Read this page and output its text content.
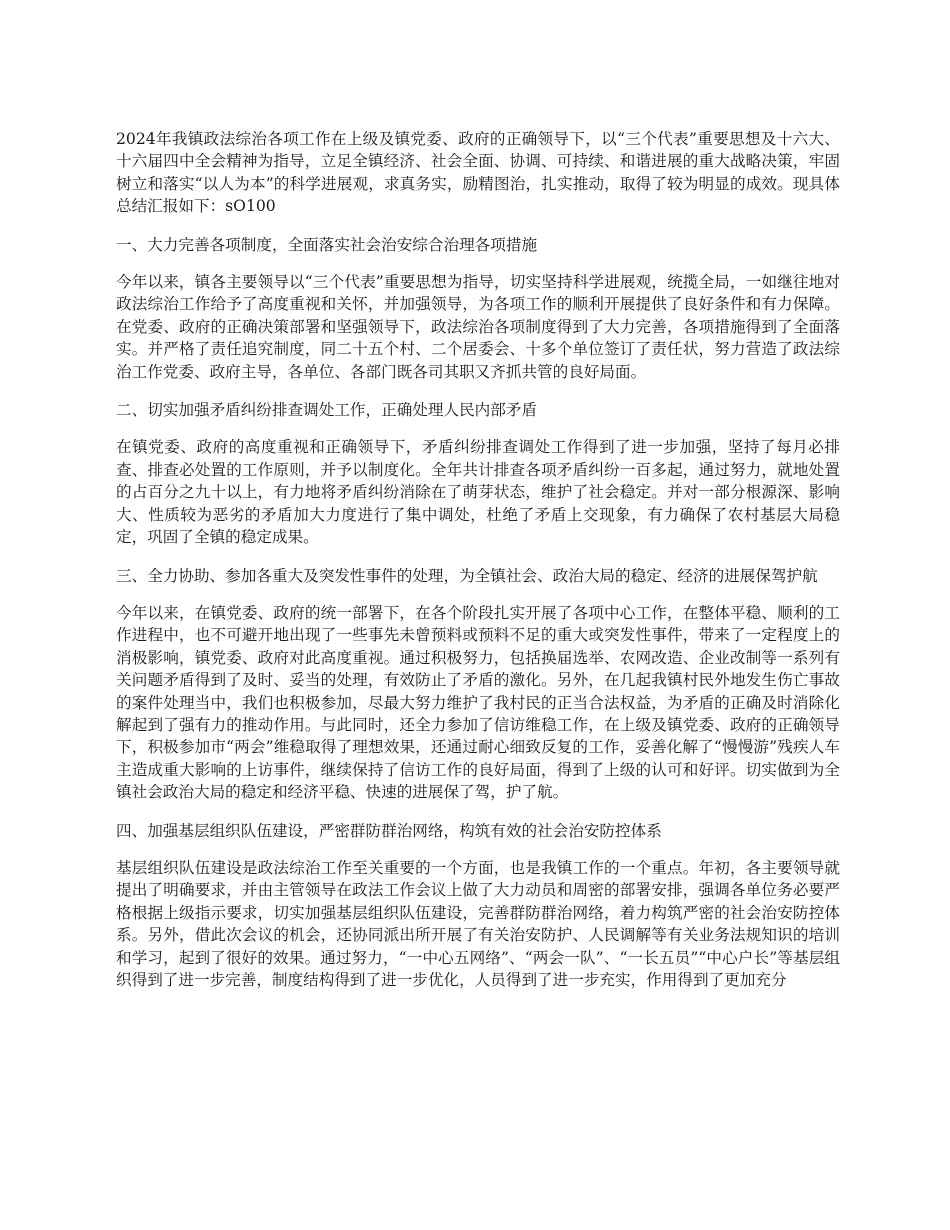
2024年我镇政法综治各项工作在上级及镇党委、政府的正确领导下，以“三个代表”重要思想及十六大、十六届四中全会精神为指导，立足全镇经济、社会全面、协调、可持续、和谐进展的重大战略决策，牢固树立和落实“以人为本”的科学进展观，求真务实，励精图治，扎实推动，取得了较为明显的成效。现具体总结汇报如下：sO100

一、大力完善各项制度，全面落实社会治安综合治理各项措施

今年以来，镇各主要领导以“三个代表”重要思想为指导，切实坚持科学进展观，统揽全局，一如继往地对政法综治工作给予了高度重视和关怀，并加强领导，为各项工作的顺利开展提供了良好条件和有力保障。在党委、政府的正确决策部署和坚强领导下，政法综治各项制度得到了大力完善，各项措施得到了全面落实。并严格了责任追究制度，同二十五个村、二个居委会、十多个单位签订了责任状，努力营造了政法综治工作党委、政府主导，各单位、各部门既各司其职又齐抓共管的良好局面。

二、切实加强矛盾纠纷排查调处工作，正确处理人民内部矛盾

在镇党委、政府的高度重视和正确领导下，矛盾纠纷排查调处工作得到了进一步加强，坚持了每月必排查、排查必处置的工作原则，并予以制度化。全年共计排查各项矛盾纠纷一百多起，通过努力，就地处置的占百分之九十以上，有力地将矛盾纠纷消除在了萌芽状态，维护了社会稳定。并对一部分根源深、影响大、性质较为恶劣的矛盾加大力度进行了集中调处，杜绝了矛盾上交现象，有力确保了农村基层大局稳定，巩固了全镇的稳定成果。

三、全力协助、参加各重大及突发性事件的处理，为全镇社会、政治大局的稳定、经济的进展保驾护航

今年以来，在镇党委、政府的统一部署下，在各个阶段扎实开展了各项中心工作，在整体平稳、顺利的工作进程中，也不可避开地出现了一些事先未曾预料或预料不足的重大或突发性事件，带来了一定程度上的消极影响，镇党委、政府对此高度重视。通过积极努力，包括换届选举、农网改造、企业改制等一系列有关问题矛盾得到了及时、妥当的处理，有效防止了矛盾的激化。另外，在几起我镇村民外地发生伤亡事故的案件处理当中，我们也积极参加，尽最大努力维护了我村民的正当合法权益，为矛盾的正确及时消除化解起到了强有力的推动作用。与此同时，还全力参加了信访维稳工作，在上级及镇党委、政府的正确领导下，积极参加市“两会”维稳取得了理想效果，还通过耐心细致反复的工作，妥善化解了“慢慢游”残疾人车主造成重大影响的上访事件，继续保持了信访工作的良好局面，得到了上级的认可和好评。切实做到为全镇社会政治大局的稳定和经济平稳、快速的进展保了驾，护了航。

四、加强基层组织队伍建设，严密群防群治网络，构筑有效的社会治安防控体系

基层组织队伍建设是政法综治工作至关重要的一个方面，也是我镇工作的一个重点。年初，各主要领导就提出了明确要求，并由主管领导在政法工作会议上做了大力动员和周密的部署安排，强调各单位务必要严格根据上级指示要求，切实加强基层组织队伍建设，完善群防群治网络，着力构筑严密的社会治安防控体系。另外，借此次会议的机会，还协同派出所开展了有关治安防护、人民调解等有关业务法规知识的培训和学习，起到了很好的效果。通过努力，“一中心五网络”、“两会一队”、“一长五员”“中心户长”等基层组织得到了进一步完善，制度结构得到了进一步优化，人员得到了进一步充实，作用得到了更加充分
